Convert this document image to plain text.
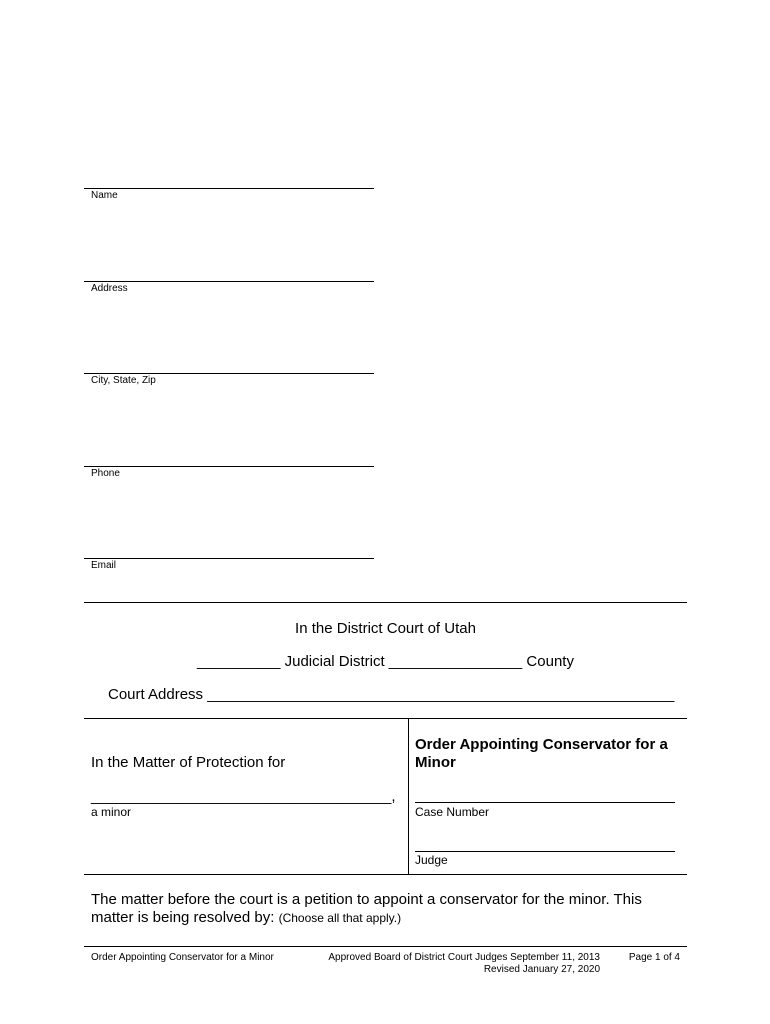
Name
Address
City, State, Zip
Phone
Email
In the District Court of Utah
__________ Judicial District ________________ County
Court Address ________________________________________________________
In the Matter of Protection for
____________________________________,
a minor
Order Appointing Conservator for a Minor
Case Number
Judge
The matter before the court is a petition to appoint a conservator for the minor. This matter is being resolved by: (Choose all that apply.)
Order Appointing Conservator for a Minor	Approved Board of District Court Judges September 11, 2013
Revised January 27, 2020
Page 1 of 4
